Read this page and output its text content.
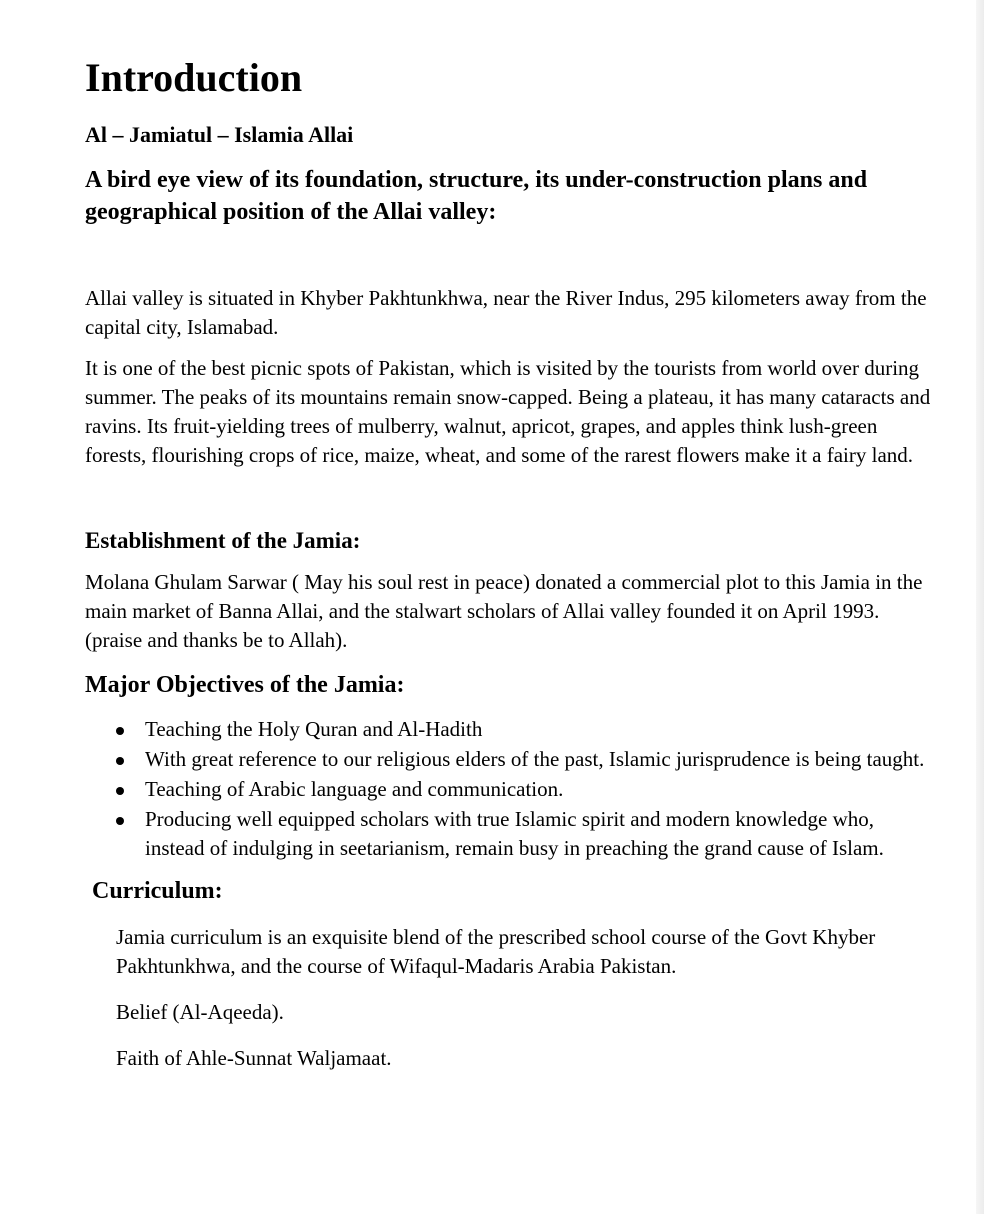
Introduction
Al – Jamiatul – Islamia Allai
A bird eye view of its foundation, structure, its under-construction plans and geographical position of the Allai valley:

Allai valley is situated in Khyber Pakhtunkhwa, near the River Indus, 295 kilometers away from the capital city, Islamabad.

It is one of the best picnic spots of Pakistan, which is visited by the tourists from world over during summer. The peaks of its mountains remain snow-capped. Being a plateau, it has many cataracts and ravins. Its fruit-yielding trees of mulberry, walnut, apricot, grapes, and apples think lush-green forests, flourishing crops of rice, maize, wheat, and some of the rarest flowers make it a fairy land.

Establishment of the Jamia:

Molana Ghulam Sarwar ( May his soul rest in peace) donated a commercial plot to this Jamia in the main market of Banna Allai, and the stalwart scholars of Allai valley founded it on April 1993.(praise and thanks be to Allah).

Major Objectives of the Jamia:
Teaching the Holy Quran and Al-Hadith
With great reference to our religious elders of the past, Islamic jurisprudence is being taught.
Teaching of Arabic language and communication.
Producing well equipped scholars with true Islamic spirit and modern knowledge who, instead of indulging in seetarianism, remain busy in preaching the grand cause of Islam.
Curriculum:

Jamia curriculum is an exquisite blend of the prescribed school course of the Govt Khyber Pakhtunkhwa, and the course of Wifaqul-Madaris Arabia Pakistan.

Belief (Al-Aqeeda).

Faith of Ahle-Sunnat Waljamaat.
